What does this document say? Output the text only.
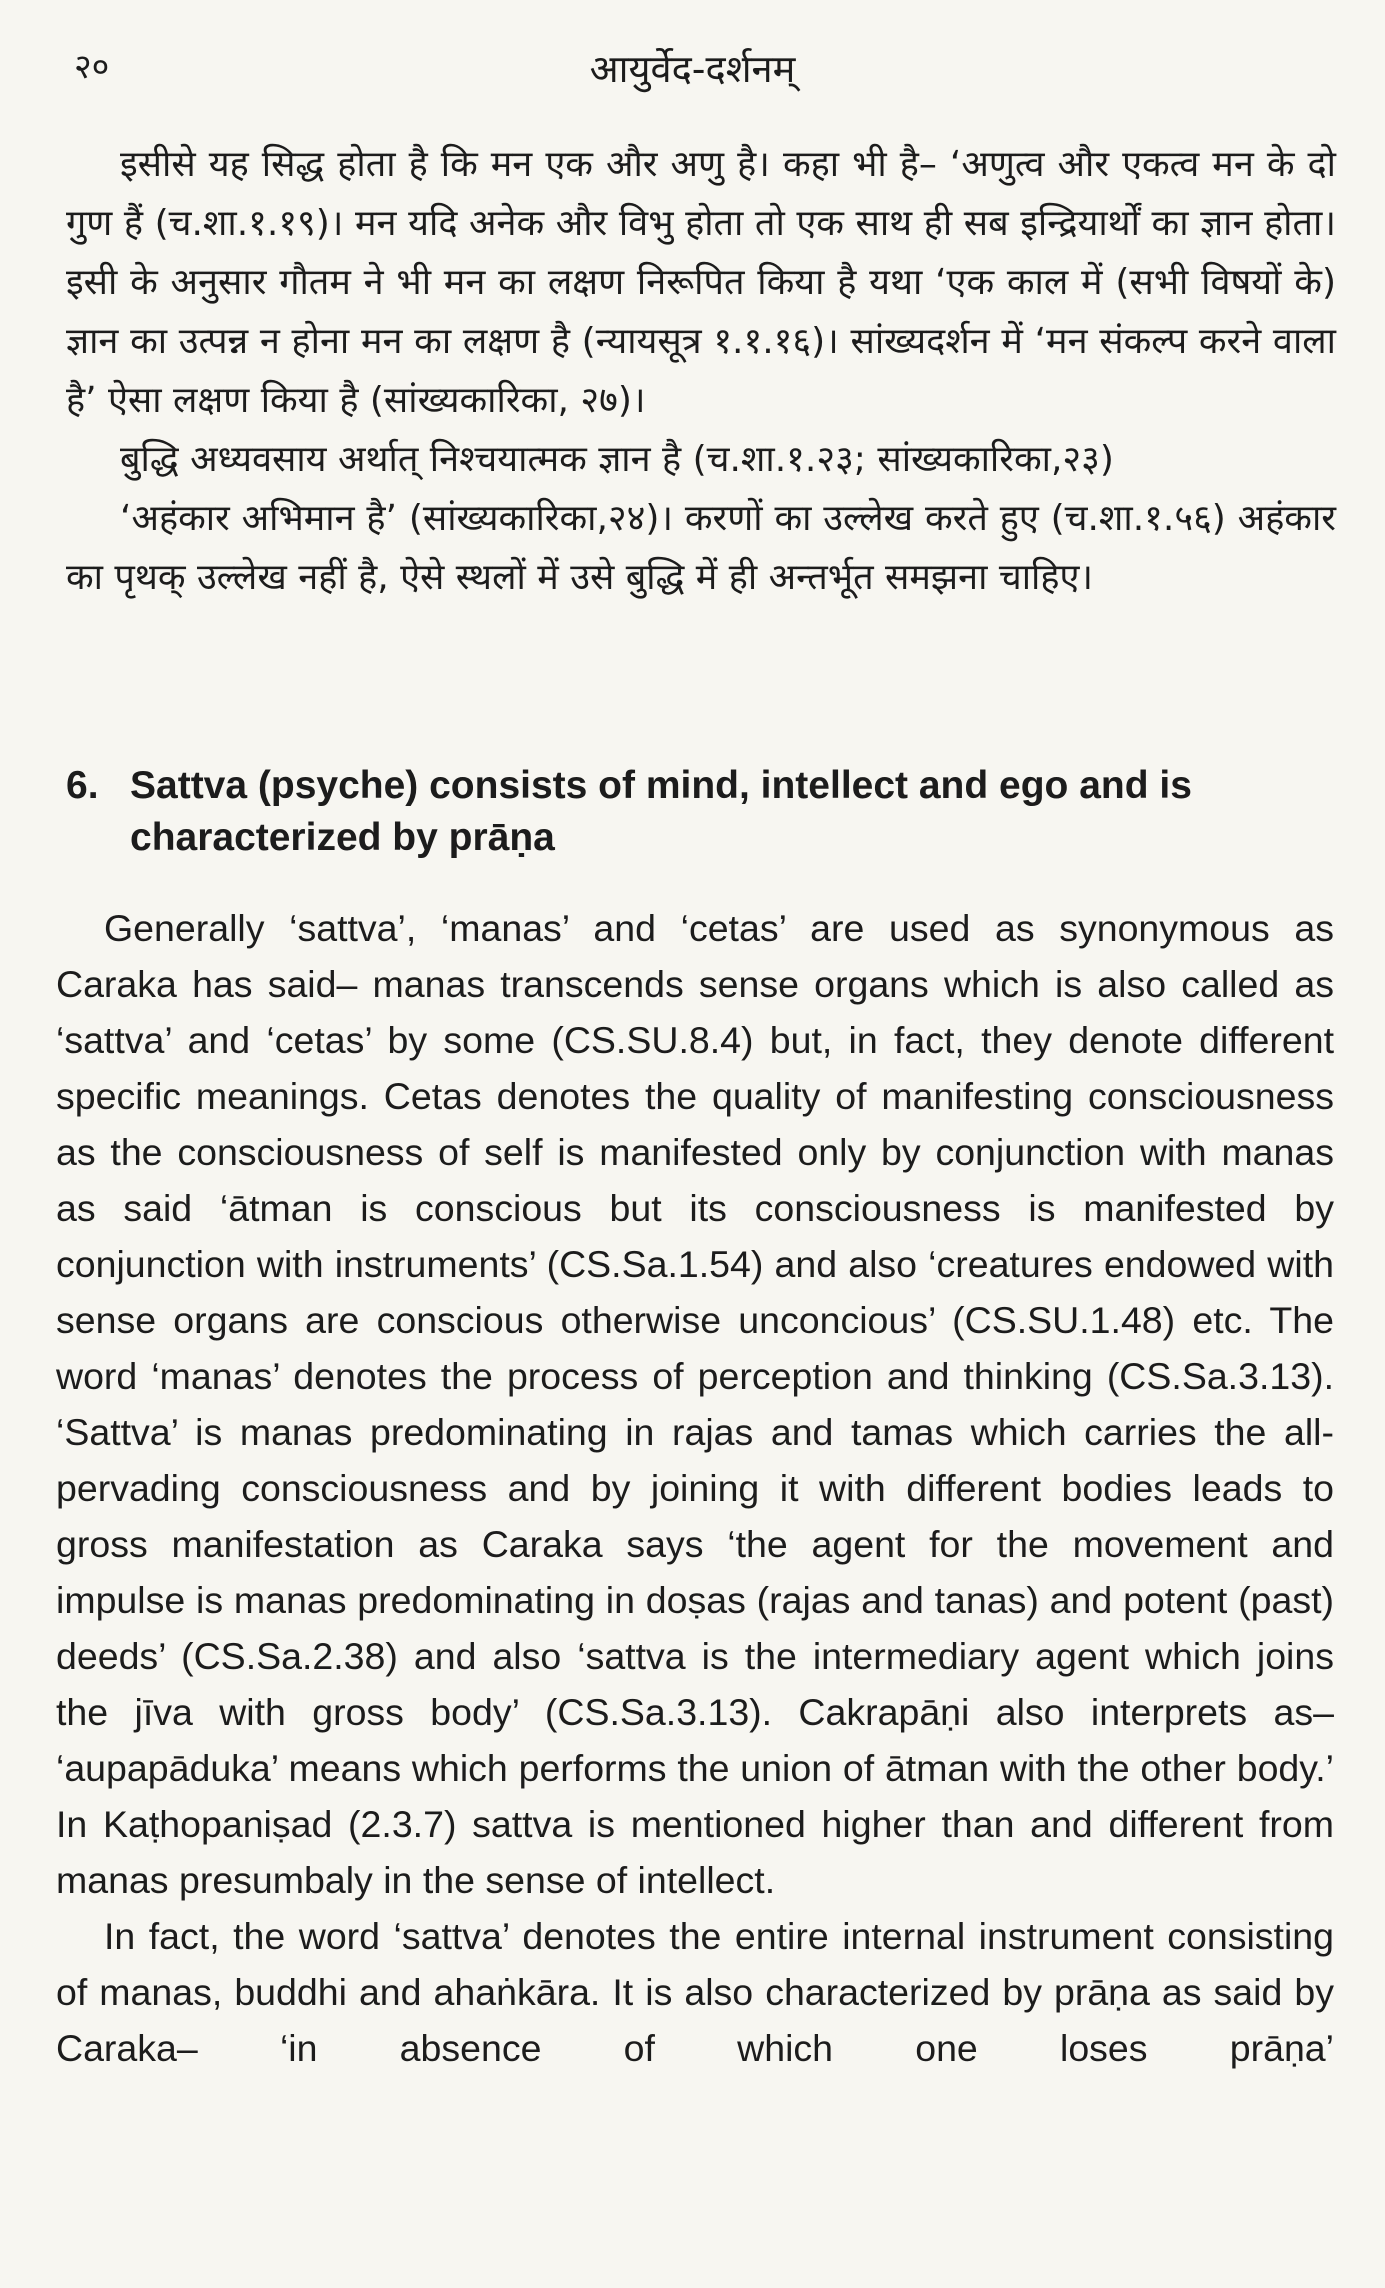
२०	आयुर्वेद-दर्शनम्

इसीसे यह सिद्ध होता है कि मन एक और अणु है। कहा भी है– ‘अणुत्व और एकत्व मन के दो गुण हैं (च.शा.१.१९)। मन यदि अनेक और विभु होता तो एक साथ ही सब इन्द्रियार्थों का ज्ञान होता। इसी के अनुसार गौतम ने भी मन का लक्षण निरूपित किया है यथा ‘एक काल में (सभी विषयों के) ज्ञान का उत्पन्न न होना मन का लक्षण है (न्यायसूत्र १.१.१६)। सांख्यदर्शन में ‘मन संकल्प करने वाला है’ ऐसा लक्षण किया है (सांख्यकारिका, २७)।

बुद्धि अध्यवसाय अर्थात् निश्चयात्मक ज्ञान है (च.शा.१.२३; सांख्यकारिका,२३)

‘अहंकार अभिमान है’ (सांख्यकारिका,२४)। करणों का उल्लेख करते हुए (च.शा.१.५६) अहंकार का पृथक् उल्लेख नहीं है, ऐसे स्थलों में उसे बुद्धि में ही अन्तर्भूत समझना चाहिए।

6. Sattva (psyche) consists of mind, intellect and ego and is characterized by prāṇa

Generally ‘sattva’, ‘manas’ and ‘cetas’ are used as synonymous as Caraka has said– manas transcends sense organs which is also called as ‘sattva’ and ‘cetas’ by some (CS.SU.8.4) but, in fact, they denote different specific meanings. Cetas denotes the quality of manifesting consciousness as the consciousness of self is manifested only by conjunction with manas as said ‘ātman is conscious but its consciousness is manifested by conjunction with instruments’ (CS.Sa.1.54) and also ‘creatures endowed with sense organs are conscious otherwise unconcious’ (CS.SU.1.48) etc. The word ‘manas’ denotes the process of perception and thinking (CS.Sa.3.13). ‘Sattva’ is manas predominating in rajas and tamas which carries the all-pervading consciousness and by joining it with different bodies leads to gross manifestation as Caraka says ‘the agent for the movement and impulse is manas predominating in doṣas (rajas and tanas) and potent (past) deeds’ (CS.Sa.2.38) and also ‘sattva is the intermediary agent which joins the jīva with gross body’ (CS.Sa.3.13). Cakrapāṇi also interprets as– ‘aupapāduka’ means which performs the union of ātman with the other body.’ In Kaṭhopaniṣad (2.3.7) sattva is mentioned higher than and different from manas presumbaly in the sense of intellect.

In fact, the word ‘sattva’ denotes the entire internal instrument consisting of manas, buddhi and ahaṅkāra. It is also characterized by prāṇa as said by Caraka– ‘in absence of which one loses prāṇa’
